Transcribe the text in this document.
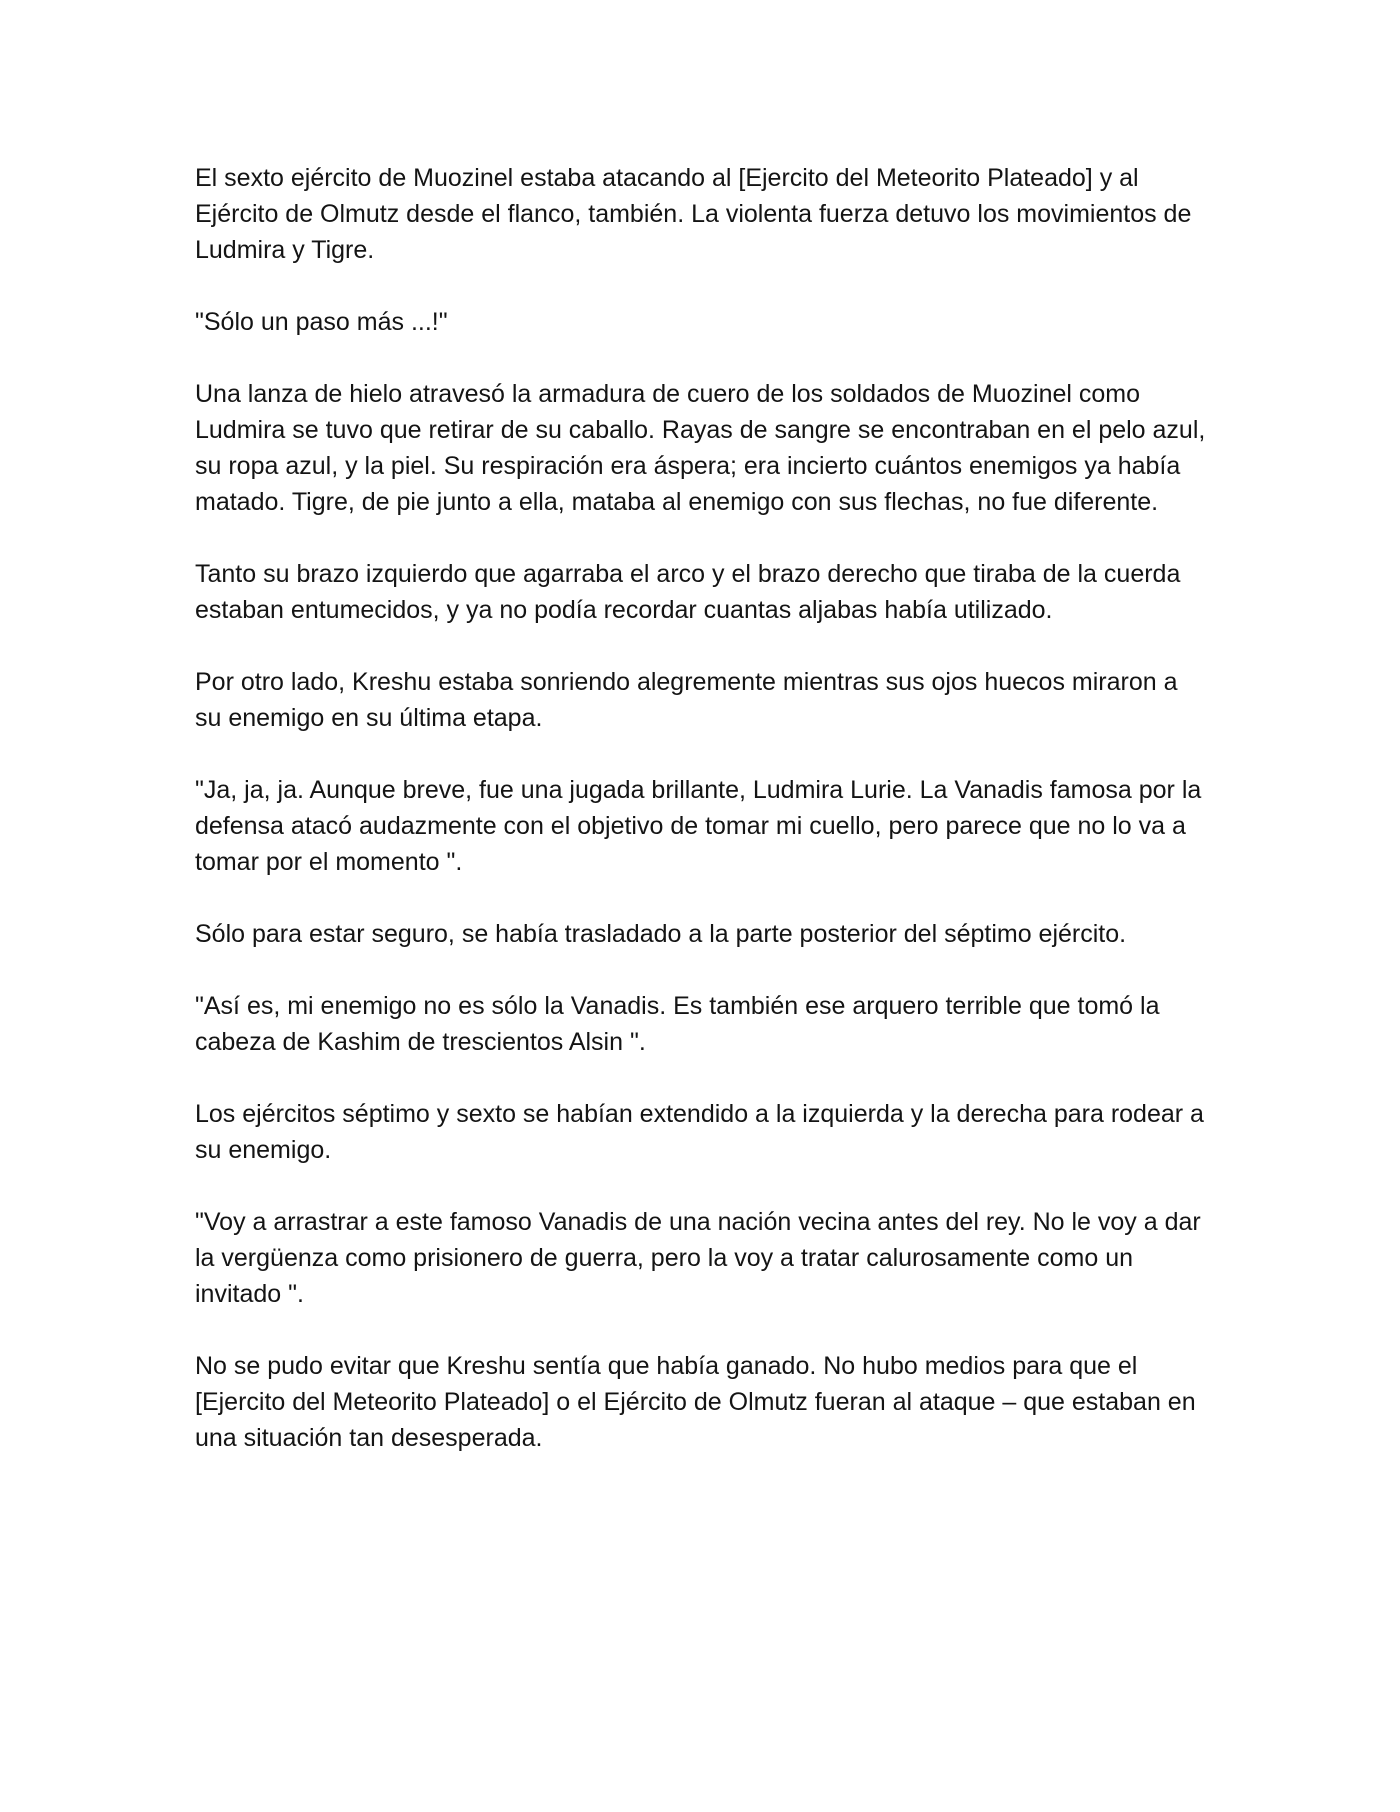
El sexto ejército de Muozinel estaba atacando al [Ejercito del Meteorito Plateado] y al Ejército de Olmutz desde el flanco, también. La violenta fuerza detuvo los movimientos de Ludmira y Tigre.

"Sólo un paso más ...!"

Una lanza de hielo atravesó la armadura de cuero de los soldados de Muozinel como Ludmira se tuvo que retirar de su caballo. Rayas de sangre se encontraban en el pelo azul, su ropa azul, y la piel. Su respiración era áspera; era incierto cuántos enemigos ya había matado. Tigre, de pie junto a ella, mataba al enemigo con sus flechas, no fue diferente.

Tanto su brazo izquierdo que agarraba el arco y el brazo derecho que tiraba de la cuerda estaban entumecidos, y ya no podía recordar cuantas aljabas había utilizado.

Por otro lado, Kreshu estaba sonriendo alegremente mientras sus ojos huecos miraron a su enemigo en su última etapa.

"Ja, ja, ja. Aunque breve, fue una jugada brillante, Ludmira Lurie. La Vanadis famosa por la defensa atacó audazmente con el objetivo de tomar mi cuello, pero parece que no lo va a tomar por el momento ".

Sólo para estar seguro, se había trasladado a la parte posterior del séptimo ejército.

"Así es, mi enemigo no es sólo la Vanadis. Es también ese arquero terrible que tomó la cabeza de Kashim de trescientos Alsin ".

Los ejércitos séptimo y sexto se habían extendido a la izquierda y la derecha para rodear a su enemigo.

"Voy a arrastrar a este famoso Vanadis de una nación vecina antes del rey. No le voy a dar la vergüenza como prisionero de guerra, pero la voy a tratar calurosamente como un invitado ".

No se pudo evitar que Kreshu sentía que había ganado. No hubo medios para que el [Ejercito del Meteorito Plateado] o el Ejército de Olmutz fueran al ataque – que estaban en una situación tan desesperada.
